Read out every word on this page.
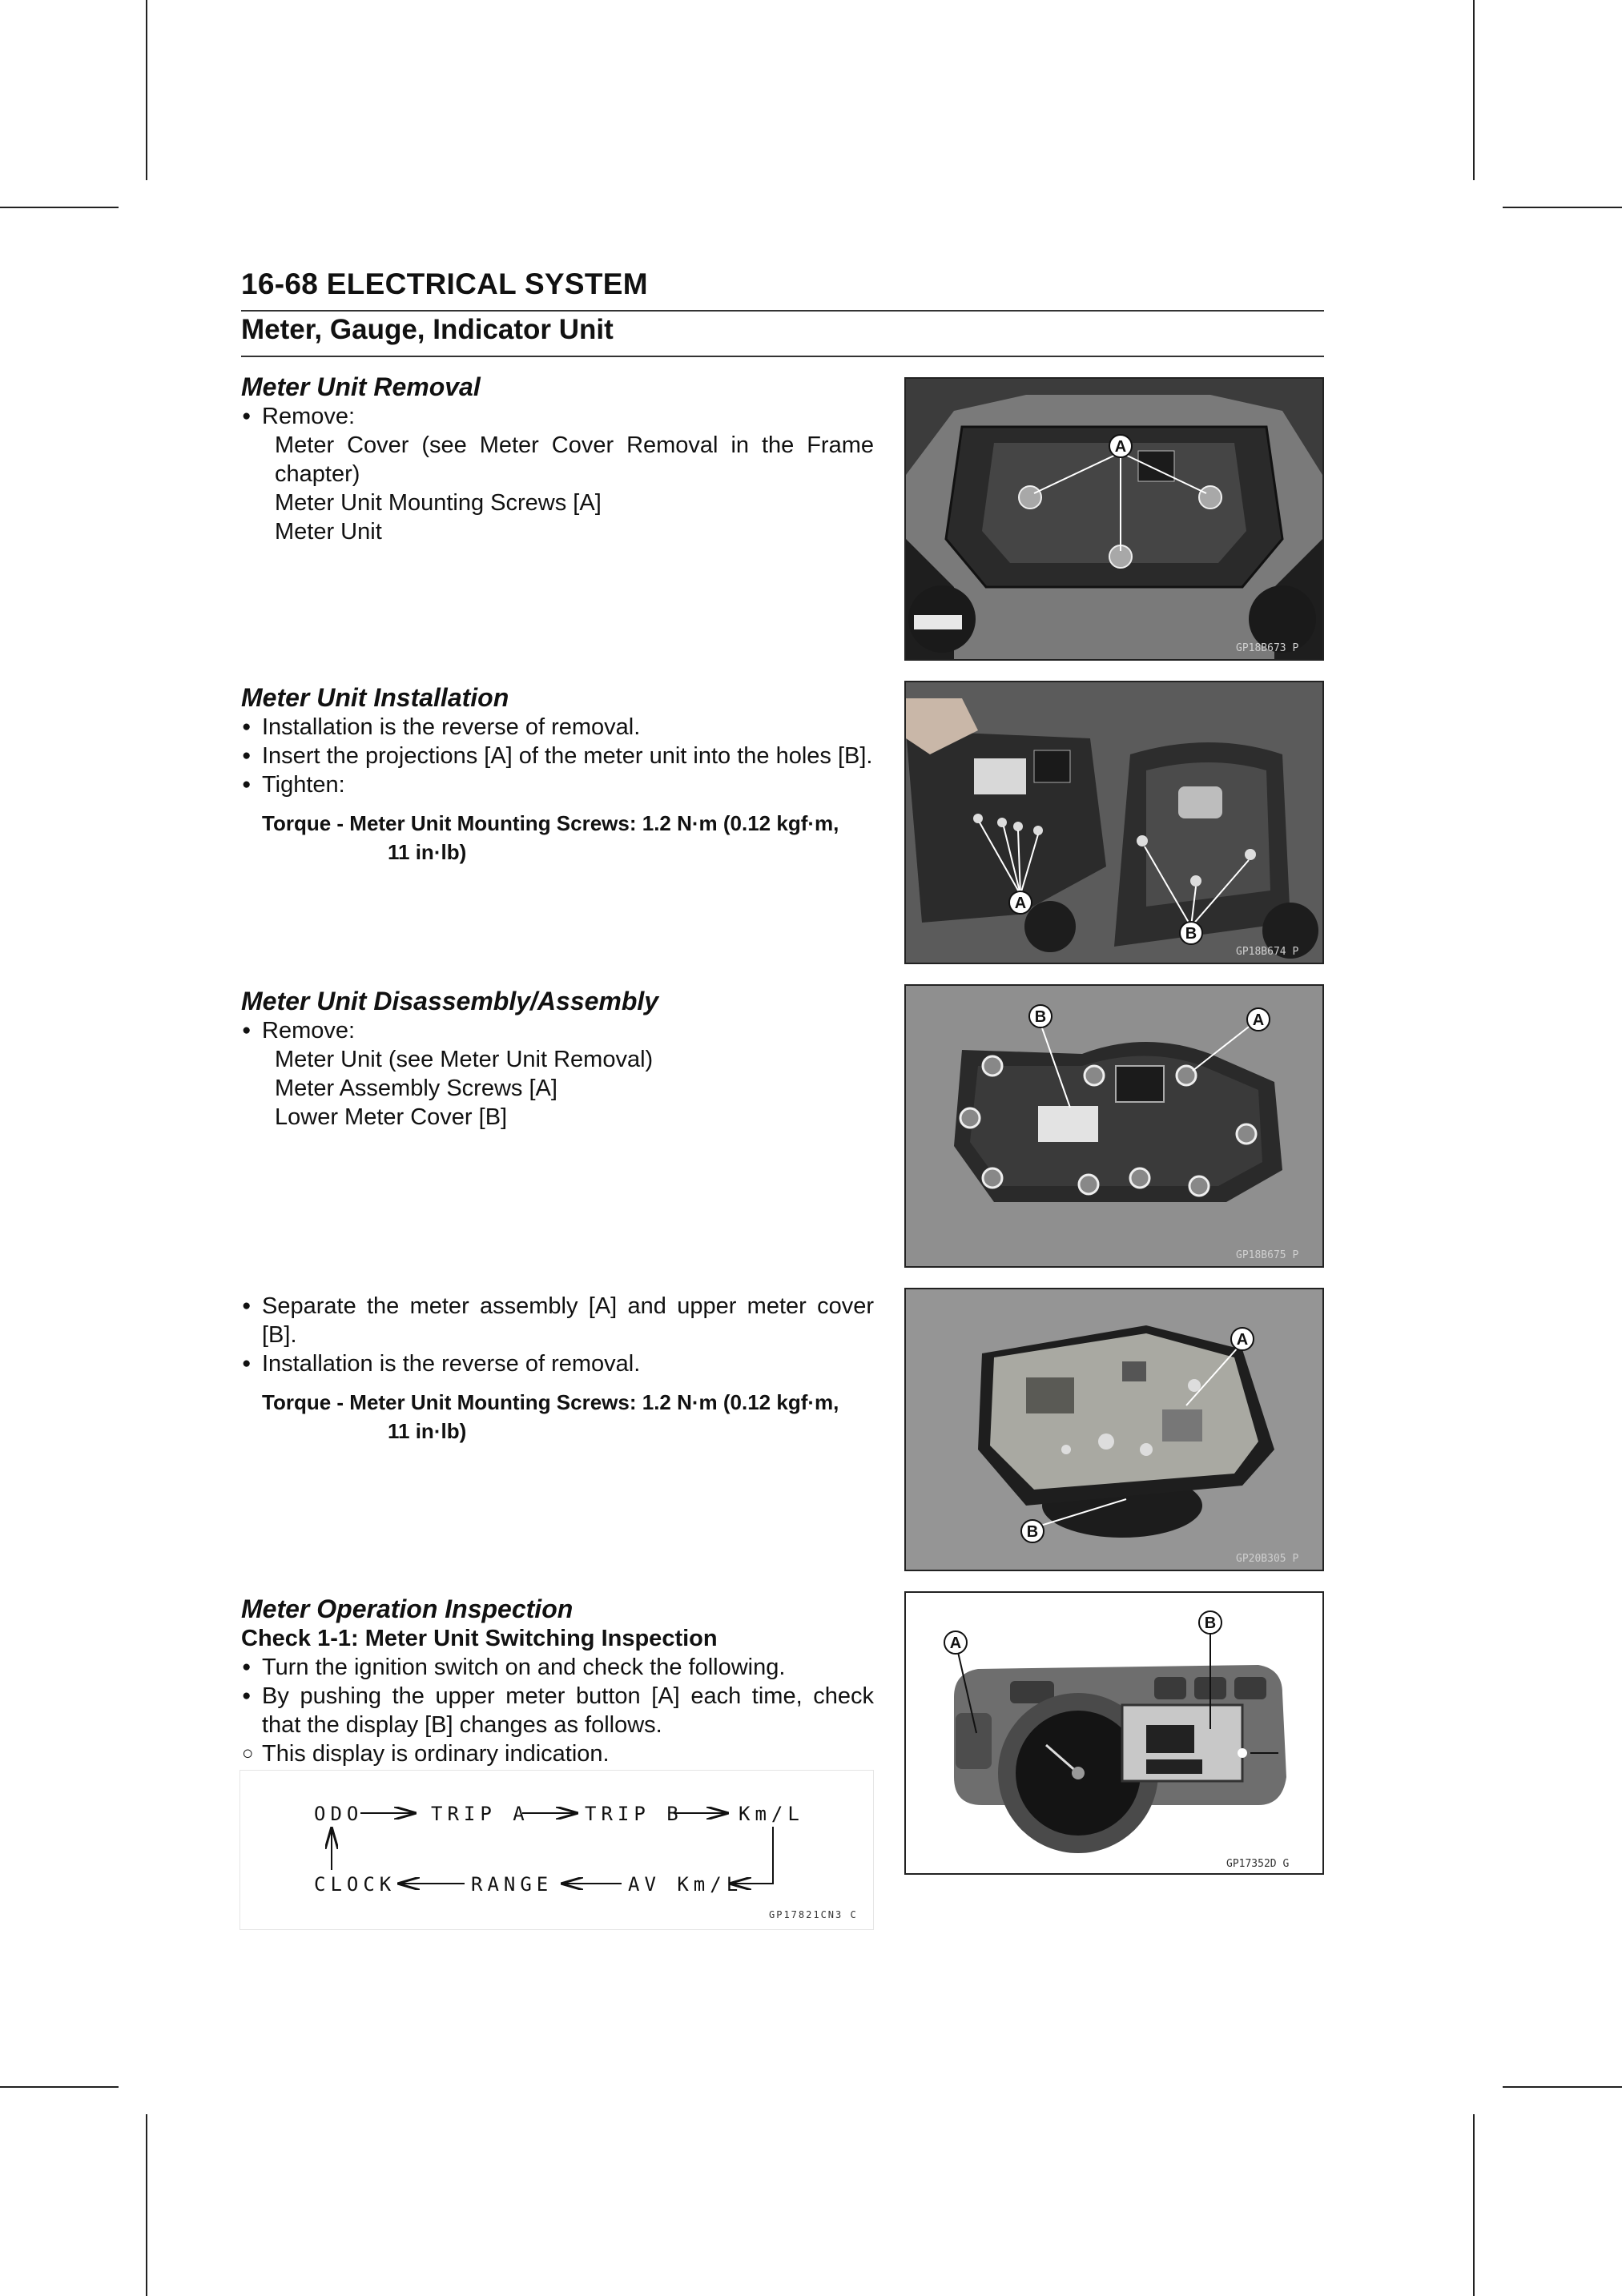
16-68 ELECTRICAL SYSTEM
Meter, Gauge, Indicator Unit
Meter Unit Removal
● Remove:
Meter Cover (see Meter Cover Removal in the Frame chapter)
Meter Unit Mounting Screws [A]
Meter Unit
A
GP18B673 P
Meter Unit Installation
● Installation is the reverse of removal.
● Insert the projections [A] of the meter unit into the holes [B].
● Tighten:
Torque - Meter Unit Mounting Screws: 1.2 N·m (0.12 kgf·m,
11 in·lb)
A
B
GP18B674 P
Meter Unit Disassembly/Assembly
● Remove:
Meter Unit (see Meter Unit Removal)
Meter Assembly Screws [A]
Lower Meter Cover [B]
B	A
GP18B675 P
● Separate the meter assembly [A] and upper meter cover [B].
● Installation is the reverse of removal.
Torque - Meter Unit Mounting Screws: 1.2 N·m (0.12 kgf·m,
11 in·lb)
A
B
GP20B305 P
Meter Operation Inspection
Check 1-1: Meter Unit Switching Inspection
● Turn the ignition switch on and check the following.
● By pushing the upper meter button [A] each time, check that the display [B] changes as follows.
○ This display is ordinary indication.
A
B
GP17352D G
ODO	TRIP A	TRIP B	Km/L
CLOCK	RANGE	AV Km/L
GP17821CN3 C
